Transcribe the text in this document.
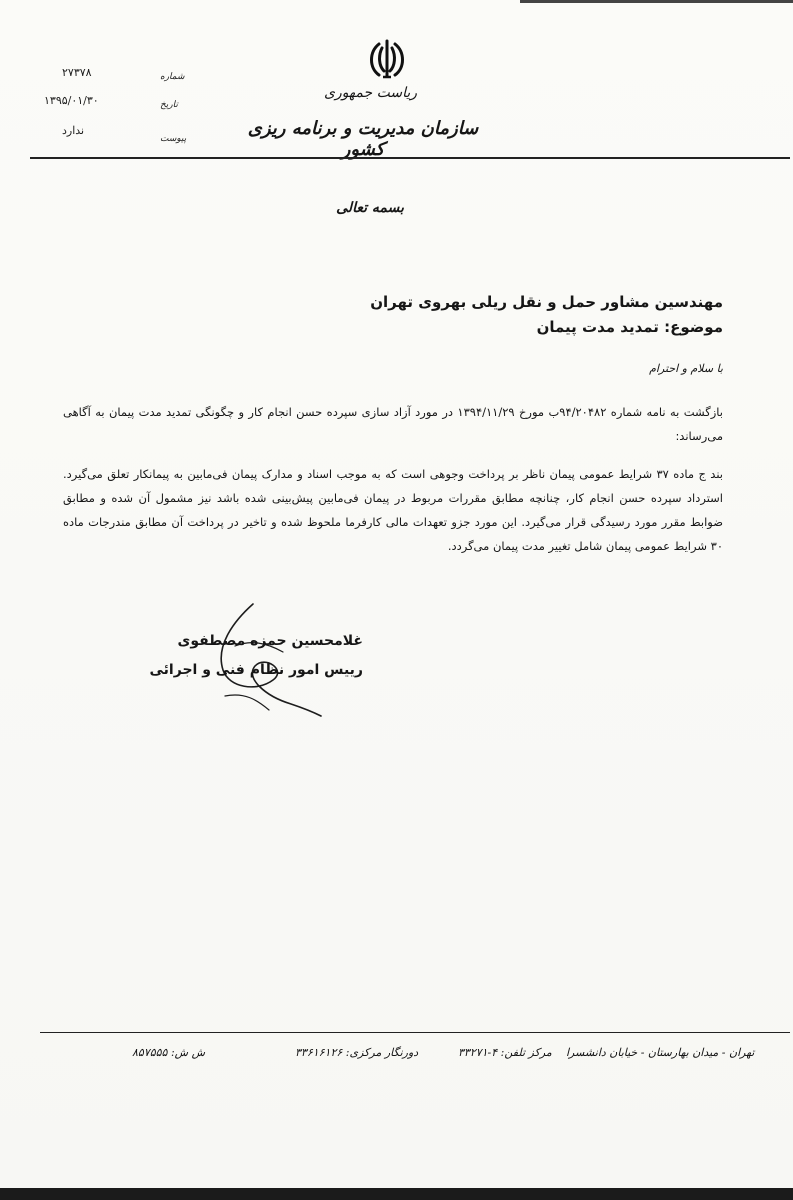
شماره
تاریخ
پیوست
۲۷۳۷۸
۱۳۹۵/۰۱/۳۰
ندارد
ریاست جمهوری
سازمان مدیریت و برنامه ریزی کشور
بسمه تعالی
مهندسین مشاور حمل و نقل ریلی بهروی تهران
موضوع: تمدید مدت پیمان
با سلام و احترام
بازگشت به نامه شماره ۹۴/۲۰۴۸۲ب مورخ ۱۳۹۴/۱۱/۲۹ در مورد آزاد سازی سپرده حسن انجام کار و چگونگی تمدید مدت پیمان به آگاهی می‌رساند:
بند ج ماده ۳۷ شرایط عمومی پیمان ناظر بر پرداخت وجوهی است که به موجب اسناد و مدارک پیمان فی‌مابین به پیمانکار تعلق می‌گیرد. استرداد سپرده حسن انجام کار، چنانچه مطابق مقررات مربوط در پیمان فی‌مابین پیش‌بینی شده باشد نیز مشمول آن شده و مطابق ضوابط مقرر مورد رسیدگی قرار می‌گیرد. این مورد جزو تعهدات مالی کارفرما ملحوظ شده و تاخیر در پرداخت آن مطابق مندرجات ماده ۳۰ شرایط عمومی پیمان شامل تغییر مدت پیمان می‌گردد.
غلامحسین حمزه مصطفوی
رییس امور نظام فنی و اجرائی
تهران - میدان بهارستان - خیابان دانشسرا
مرکز تلفن: ۴-۳۳۲۷۱
دورنگار مرکزی: ۳۳۶۱۶۱۲۶
ش ش: ۸۵۷۵۵۵
